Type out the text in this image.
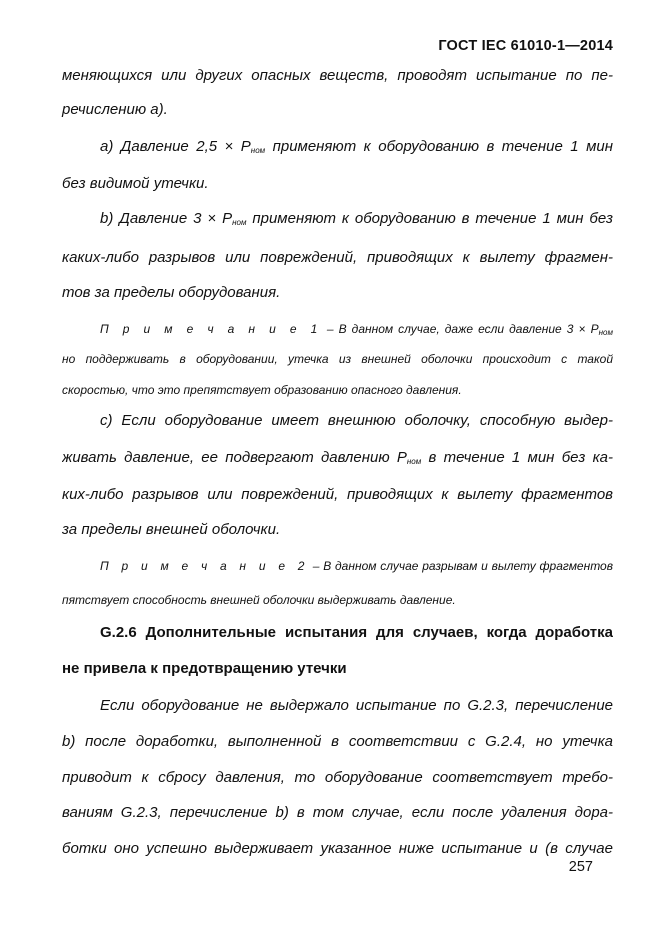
ГОСТ IEC 61010-1—2014
меняющихся или других опасных веществ, проводят испытание по пе-
речислению а).
а) Давление $2,5 \times P_{ном}$ применяют к оборудованию в течение 1 мин
без видимой утечки.
b) Давление $3 \times P_{ном}$ применяют к оборудованию в течение 1 мин без
каких-либо разрывов или повреждений, приводящих к вылету фрагмен-
тов за пределы оборудования.
П р и м е ч а н и е 1 – В данном случае, даже если давление $3 \times P_{ном}$
но поддерживать в оборудовании, утечка из внешней оболочки происходит с такой
скоростью, что это препятствует образованию опасного давления.
с) Если оборудование имеет внешнюю оболочку, способную выдер-
живать давление, ее подвергают давлению $P_{ном}$ в течение 1 мин без ка-
ких-либо разрывов или повреждений, приводящих к вылету фрагментов
за пределы внешней оболочки.
П р и м е ч а н и е 2 – В данном случае разрывам и вылету фрагментов
пятствует способность внешней оболочки выдерживать давление.
G.2.6 Дополнительные испытания для случаев, когда доработка
не привела к предотвращению утечки
Если оборудование не выдержало испытание по G.2.3, перечисление
b) после доработки, выполненной в соответствии с G.2.4, но утечка
приводит к сбросу давления, то оборудование соответствует требо-
ваниям G.2.3, перечисление b) в том случае, если после удаления дора-
ботки оно успешно выдерживает указанное ниже испытание и (в случае
257
